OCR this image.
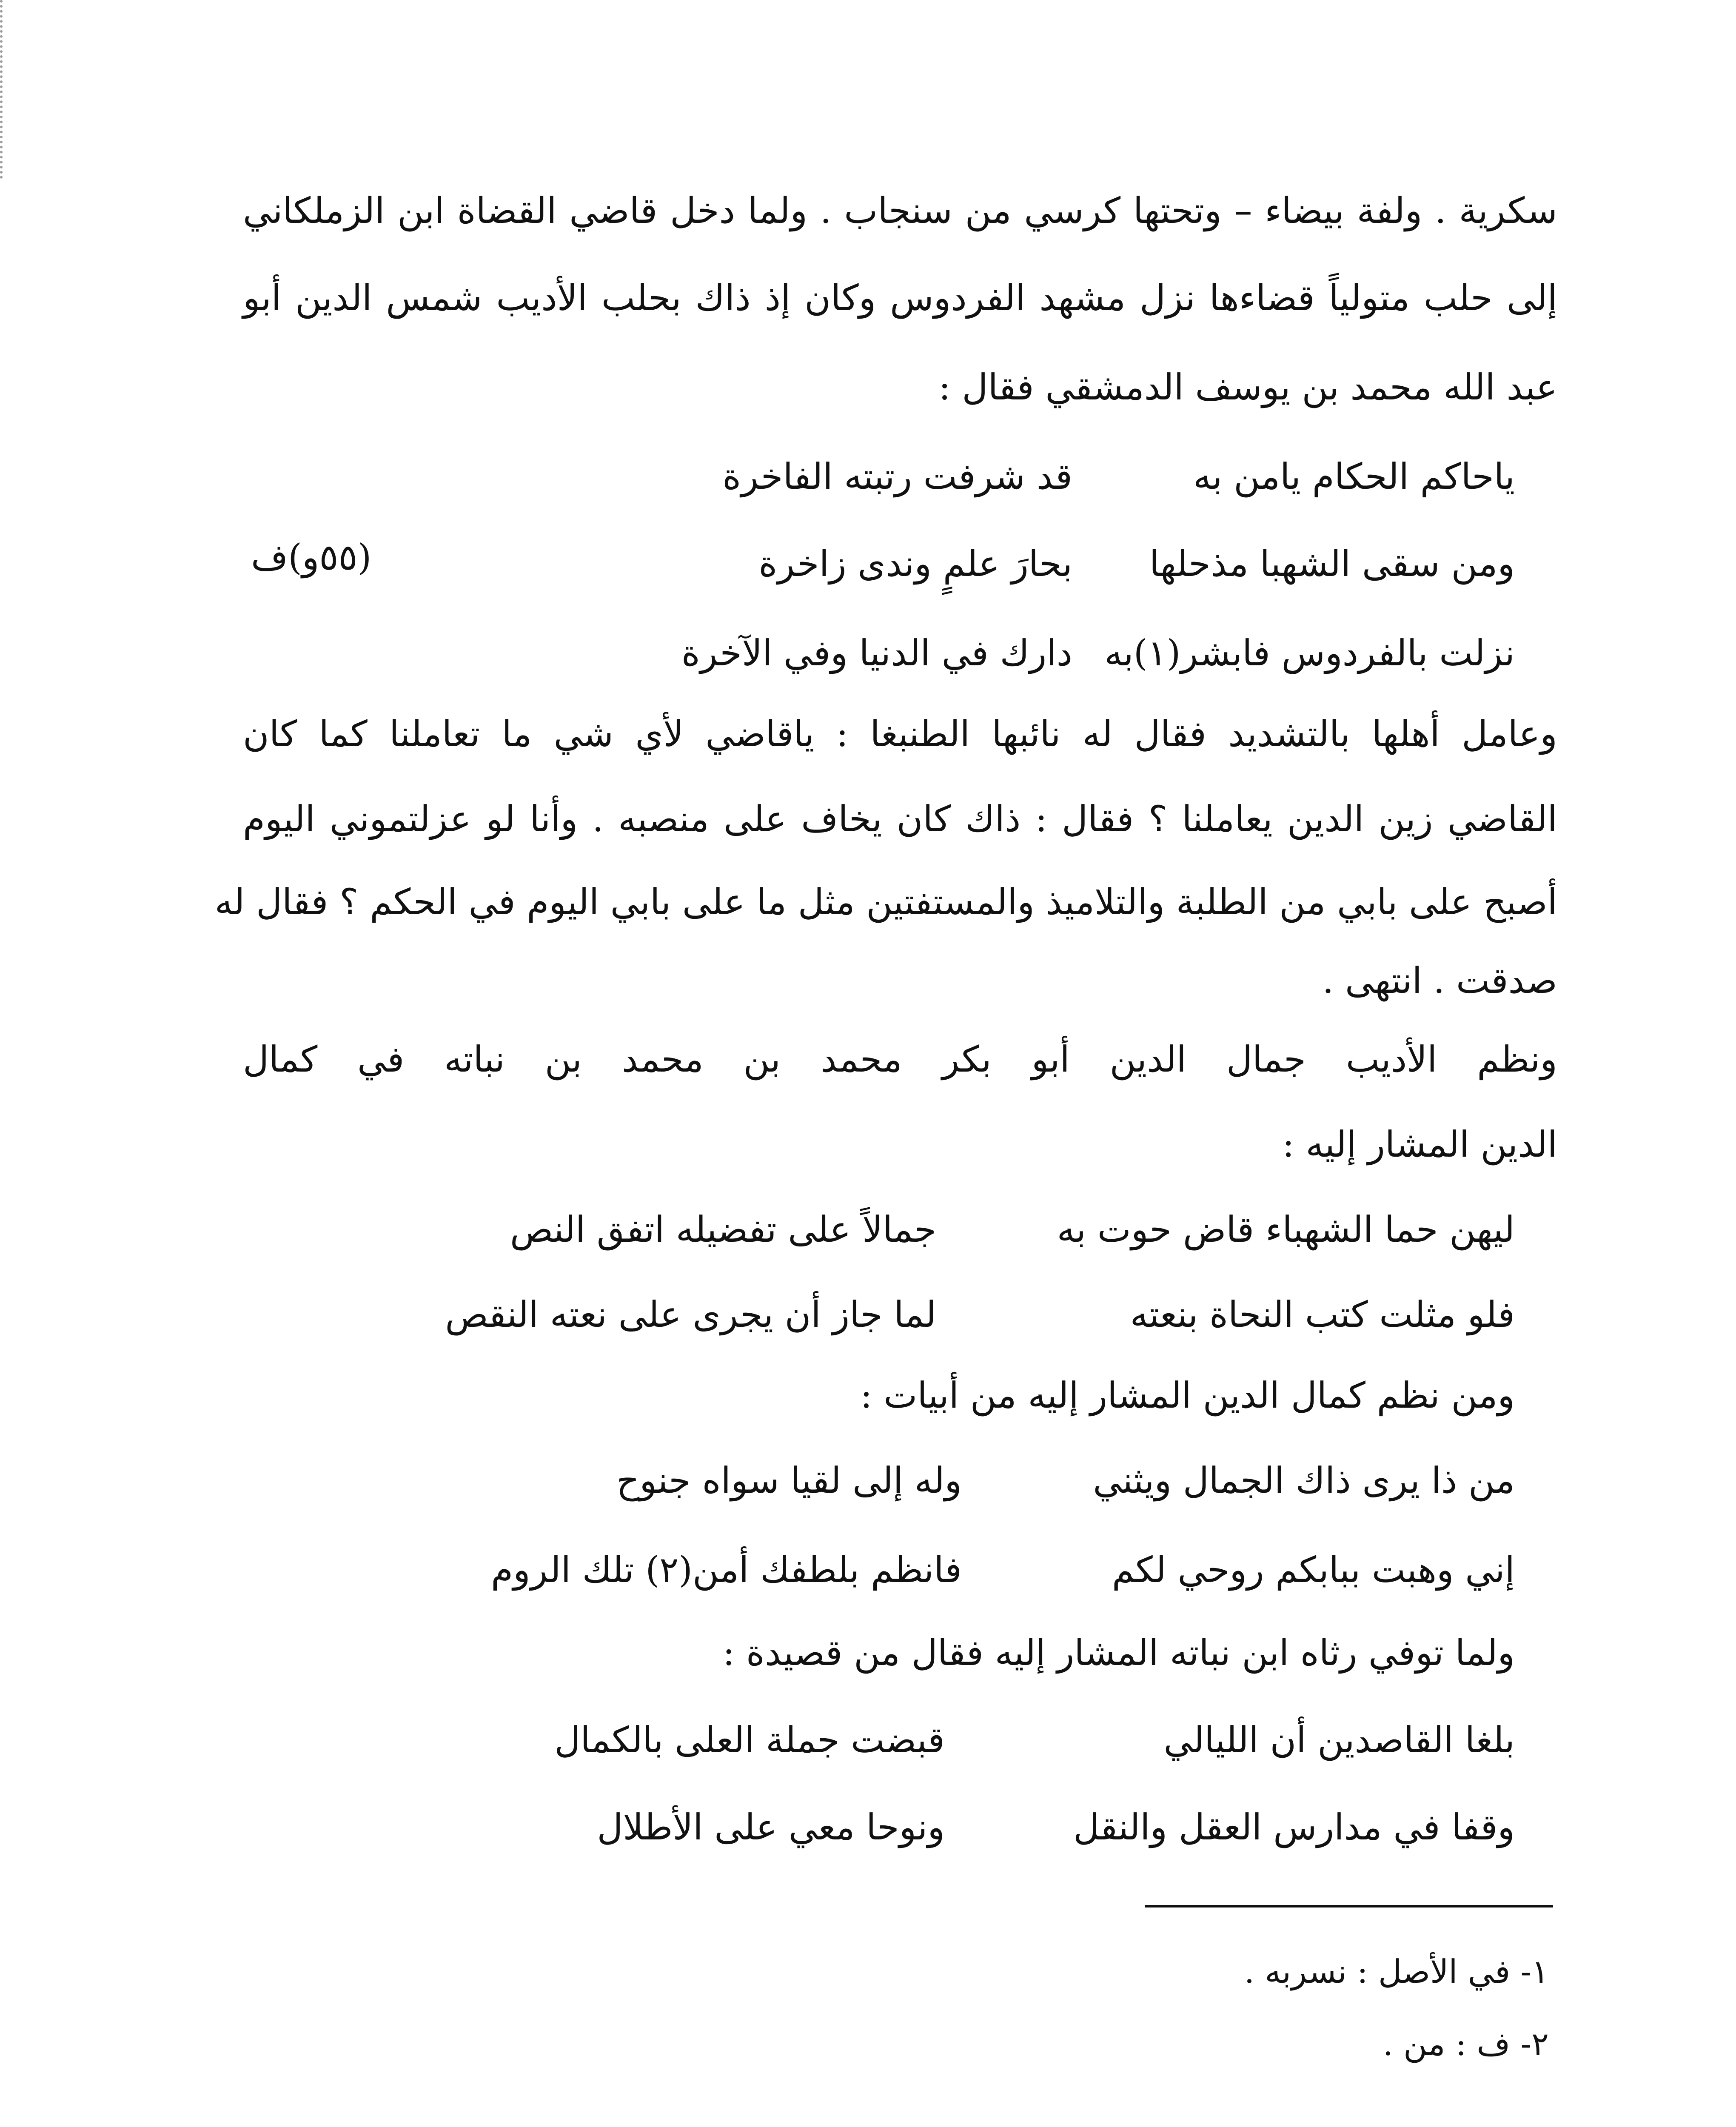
سكرية . ولفة بيضاء – وتحتها كرسي من سنجاب . ولما دخل قاضي القضاة ابن الزملكاني
إلى حلب متولياً قضاءها نزل مشهد الفردوس وكان إذ ذاك بحلب الأديب شمس الدين أبو
عبد الله محمد بن يوسف الدمشقي فقال :
ياحاكم الحكام يامن به
قد شرفت رتبته الفاخرة
ومن سقى الشهبا مذحلها
بحارَ علمٍ وندى زاخرة
(٥٥و)ف
نزلت بالفردوس فابشر(١)به
دارك في الدنيا وفي الآخرة
وعامل أهلها بالتشديد فقال له نائبها الطنبغا : ياقاضي لأي شي ما تعاملنا كما كان
القاضي زين الدين يعاملنا ؟ فقال : ذاك كان يخاف على منصبه . وأنا لو عزلتموني اليوم
أصبح على بابي من الطلبة والتلاميذ والمستفتين مثل ما على بابي اليوم في الحكم ؟ فقال له
صدقت . انتهى .
ونظم الأديب جمال الدين أبو بكر محمد بن محمد بن نباته في كمال
الدين المشار إليه :
ليهن حما الشهباء قاض حوت به
جمالاً على تفضيله اتفق النص
فلو مثلت كتب النحاة بنعته
لما جاز أن يجرى على نعته النقص
ومن نظم كمال الدين المشار إليه من أبيات :
من ذا يرى ذاك الجمال ويثني
وله إلى لقيا سواه جنوح
إني وهبت ببابكم روحي لكم
فانظم بلطفك أمن(٢) تلك الروم
ولما توفي رثاه ابن نباته المشار إليه فقال من قصيدة :
بلغا القاصدين أن الليالي
قبضت جملة العلى بالكمال
وقفا في مدارس العقل والنقل
ونوحا معي على الأطلال
١- في الأصل : نسربه .
٢- ف : من .
